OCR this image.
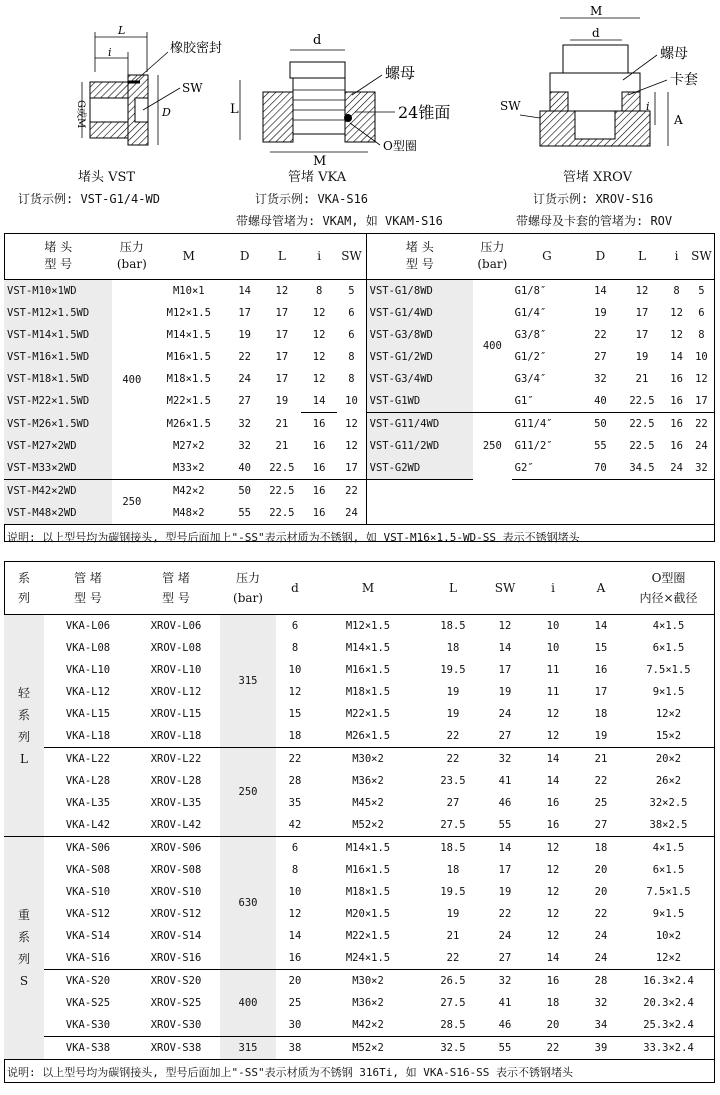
L
i	橡胶密封
SW
D
G或M
d
L
M
螺母
24锥面
O型圈
M
d
螺母
卡套
SW	i
A
堵头 VST
订货示例: VST-G1/4-WD
管堵 VKA
订货示例: VKA-S16
带螺母管堵为: VKAM, 如 VKAM-S16
管堵 XROV
订货示例: XROV-S16
带螺母及卡套的管堵为: ROV
堵 头
型 号	压力
(bar)	M	D	L	i	SW	堵 头
型 号	压力
(bar)	G	D	L	i	SW
VST-M10×1WD	400	M10×1	14	12	8	5	VST-G1/8WD	400	G1/8″	14	12	8	5
VST-M12×1.5WD		M12×1.5	17	17	12	6	VST-G1/4WD		G1/4″	19	17	12	6
VST-M14×1.5WD		M14×1.5	19	17	12	6	VST-G3/8WD		G3/8″	22	17	12	8
VST-M16×1.5WD		M16×1.5	22	17	12	8	VST-G1/2WD		G1/2″	27	19	14	10
VST-M18×1.5WD		M18×1.5	24	17	12	8	VST-G3/4WD		G3/4″	32	21	16	12
VST-M22×1.5WD		M22×1.5	27	19	14	10	VST-G1WD		G1″	40	22.5	16	17
VST-M26×1.5WD		M26×1.5	32	21	16	12	VST-G11/4WD	250	G11/4″	50	22.5	16	22
VST-M27×2WD		M27×2	32	21	16	12	VST-G11/2WD		G11/2″	55	22.5	16	24
VST-M33×2WD		M33×2	40	22.5	16	17	VST-G2WD		G2″	70	34.5	24	32
VST-M42×2WD	250	M42×2	50	22.5	16	22							
VST-M48×2WD		M48×2	55	22.5	16	24							
说明: 以上型号均为碳钢接头, 型号后面加上"-SS"表示材质为不锈钢, 如 VST-M16×1.5-WD-SS 表示不锈钢堵头													
系
列	管 堵
型 号	管 堵
型 号	压力
(bar)	d	M	L	SW	i	A	O型圈
内径×截径
轻
系
列
L	VKA-L06	XROV-L06	315	6	M12×1.5	18.5	12	10	14	4×1.5
	VKA-L08	XROV-L08		8	M14×1.5	18	14	10	15	6×1.5
	VKA-L10	XROV-L10		10	M16×1.5	19.5	17	11	16	7.5×1.5
	VKA-L12	XROV-L12		12	M18×1.5	19	19	11	17	9×1.5
	VKA-L15	XROV-L15		15	M22×1.5	19	24	12	18	12×2
	VKA-L18	XROV-L18		18	M26×1.5	22	27	12	19	15×2
	VKA-L22	XROV-L22	250	22	M30×2	22	32	14	21	20×2
	VKA-L28	XROV-L28		28	M36×2	23.5	41	14	22	26×2
	VKA-L35	XROV-L35		35	M45×2	27	46	16	25	32×2.5
	VKA-L42	XROV-L42		42	M52×2	27.5	55	16	27	38×2.5
重
系
列
S	VKA-S06	XROV-S06	630	6	M14×1.5	18.5	14	12	18	4×1.5
	VKA-S08	XROV-S08		8	M16×1.5	18	17	12	20	6×1.5
	VKA-S10	XROV-S10		10	M18×1.5	19.5	19	12	20	7.5×1.5
	VKA-S12	XROV-S12		12	M20×1.5	19	22	12	22	9×1.5
	VKA-S14	XROV-S14		14	M22×1.5	21	24	12	24	10×2
	VKA-S16	XROV-S16		16	M24×1.5	22	27	14	24	12×2
	VKA-S20	XROV-S20	400	20	M30×2	26.5	32	16	28	16.3×2.4
	VKA-S25	XROV-S25		25	M36×2	27.5	41	18	32	20.3×2.4
	VKA-S30	XROV-S30		30	M42×2	28.5	46	20	34	25.3×2.4
	VKA-S38	XROV-S38	315	38	M52×2	32.5	55	22	39	33.3×2.4
说明: 以上型号均为碳钢接头, 型号后面加上"-SS"表示材质为不锈钢 316Ti, 如 VKA-S16-SS 表示不锈钢堵头										
